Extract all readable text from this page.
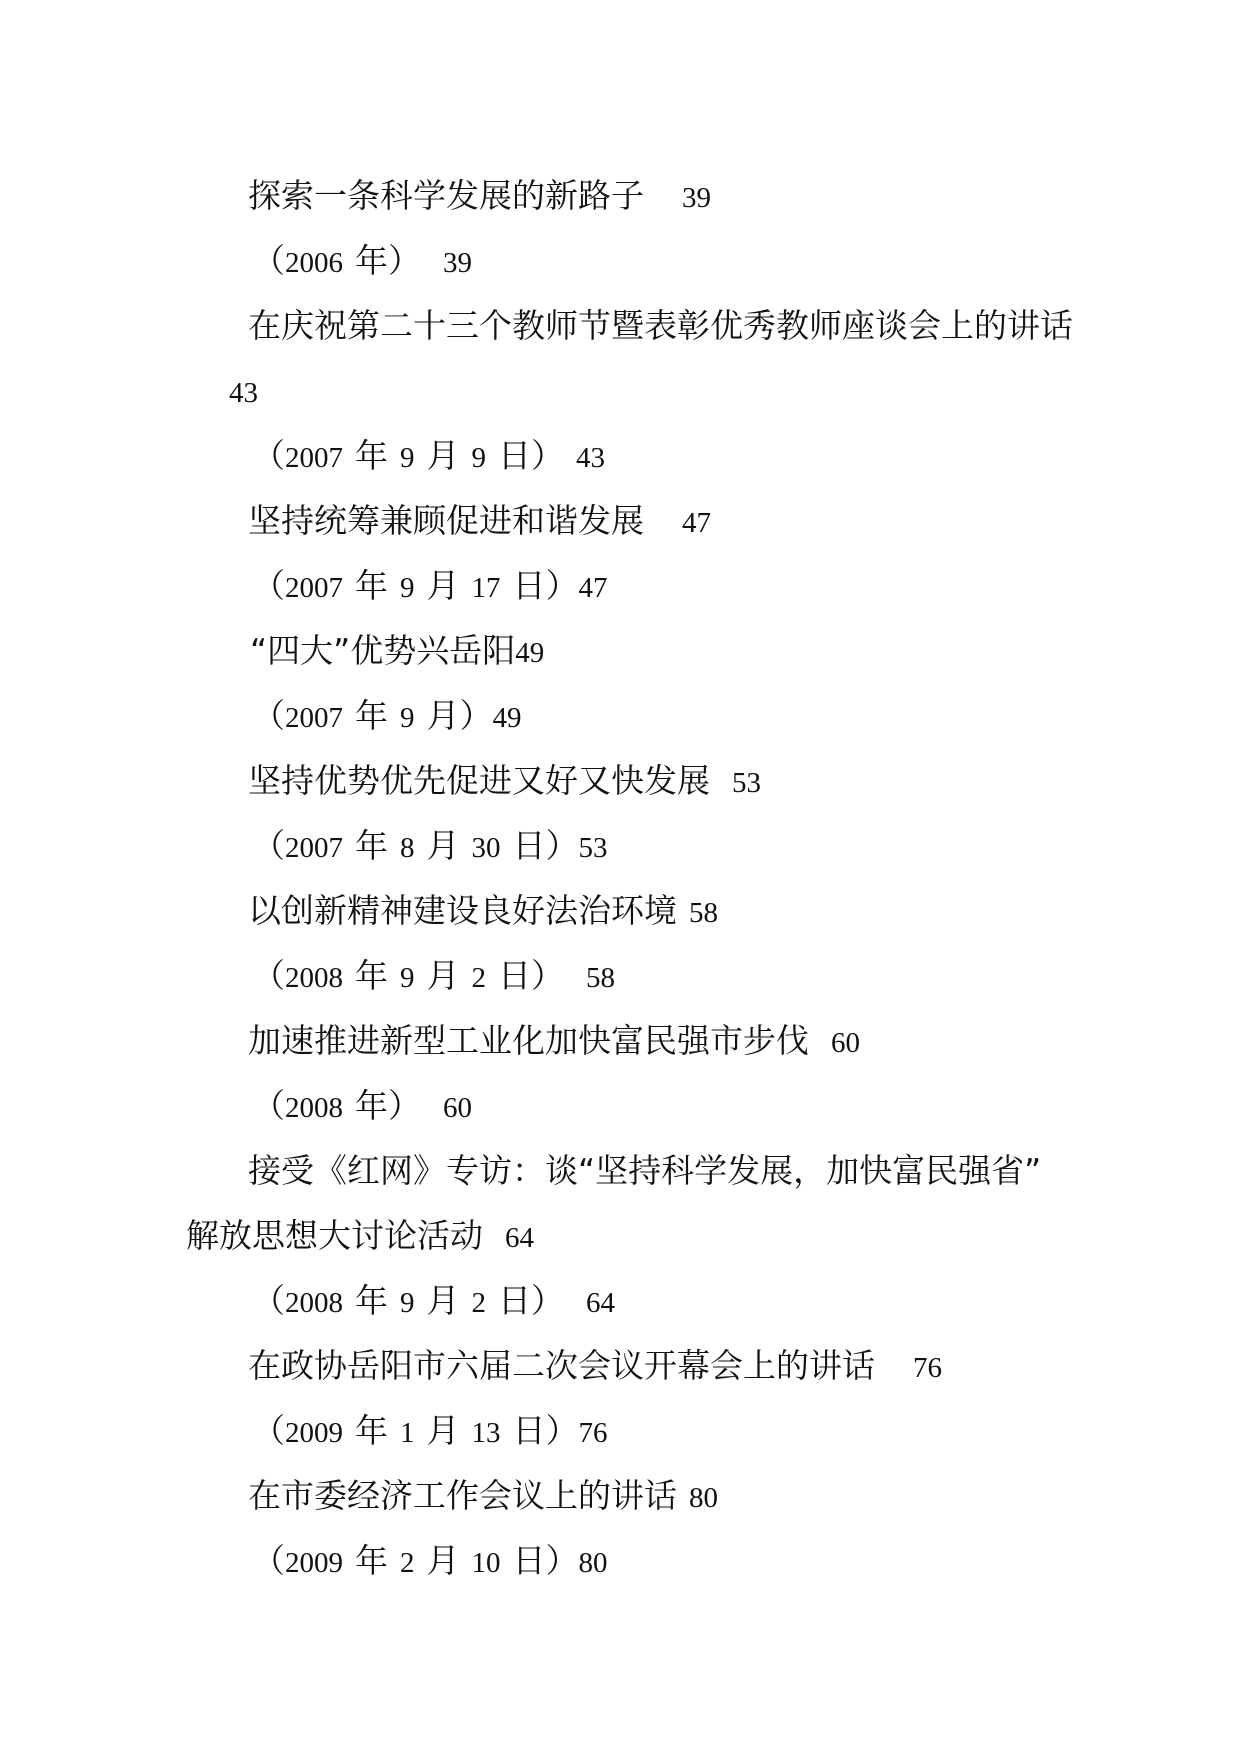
探索一条科学发展的新路子 39
（2006 年） 39
在庆祝第二十三个教师节暨表彰优秀教师座谈会上的讲话
43
（2007 年 9 月 9 日） 43
坚持统筹兼顾促进和谐发展 47
（2007 年 9 月 17 日）47
“四大”优势兴岳阳49
（2007 年 9 月）49
坚持优势优先促进又好又快发展 53
（2007 年 8 月 30 日）53
以创新精神建设良好法治环境 58
（2008 年 9 月 2 日） 58
加速推进新型工业化加快富民强市步伐 60
（2008 年） 60
接受《红网》专访：谈“坚持科学发展，加快富民强省”
解放思想大讨论活动 64
（2008 年 9 月 2 日） 64
在政协岳阳市六届二次会议开幕会上的讲话 76
（2009 年 1 月 13 日）76
在市委经济工作会议上的讲话 80
（2009 年 2 月 10 日）80
